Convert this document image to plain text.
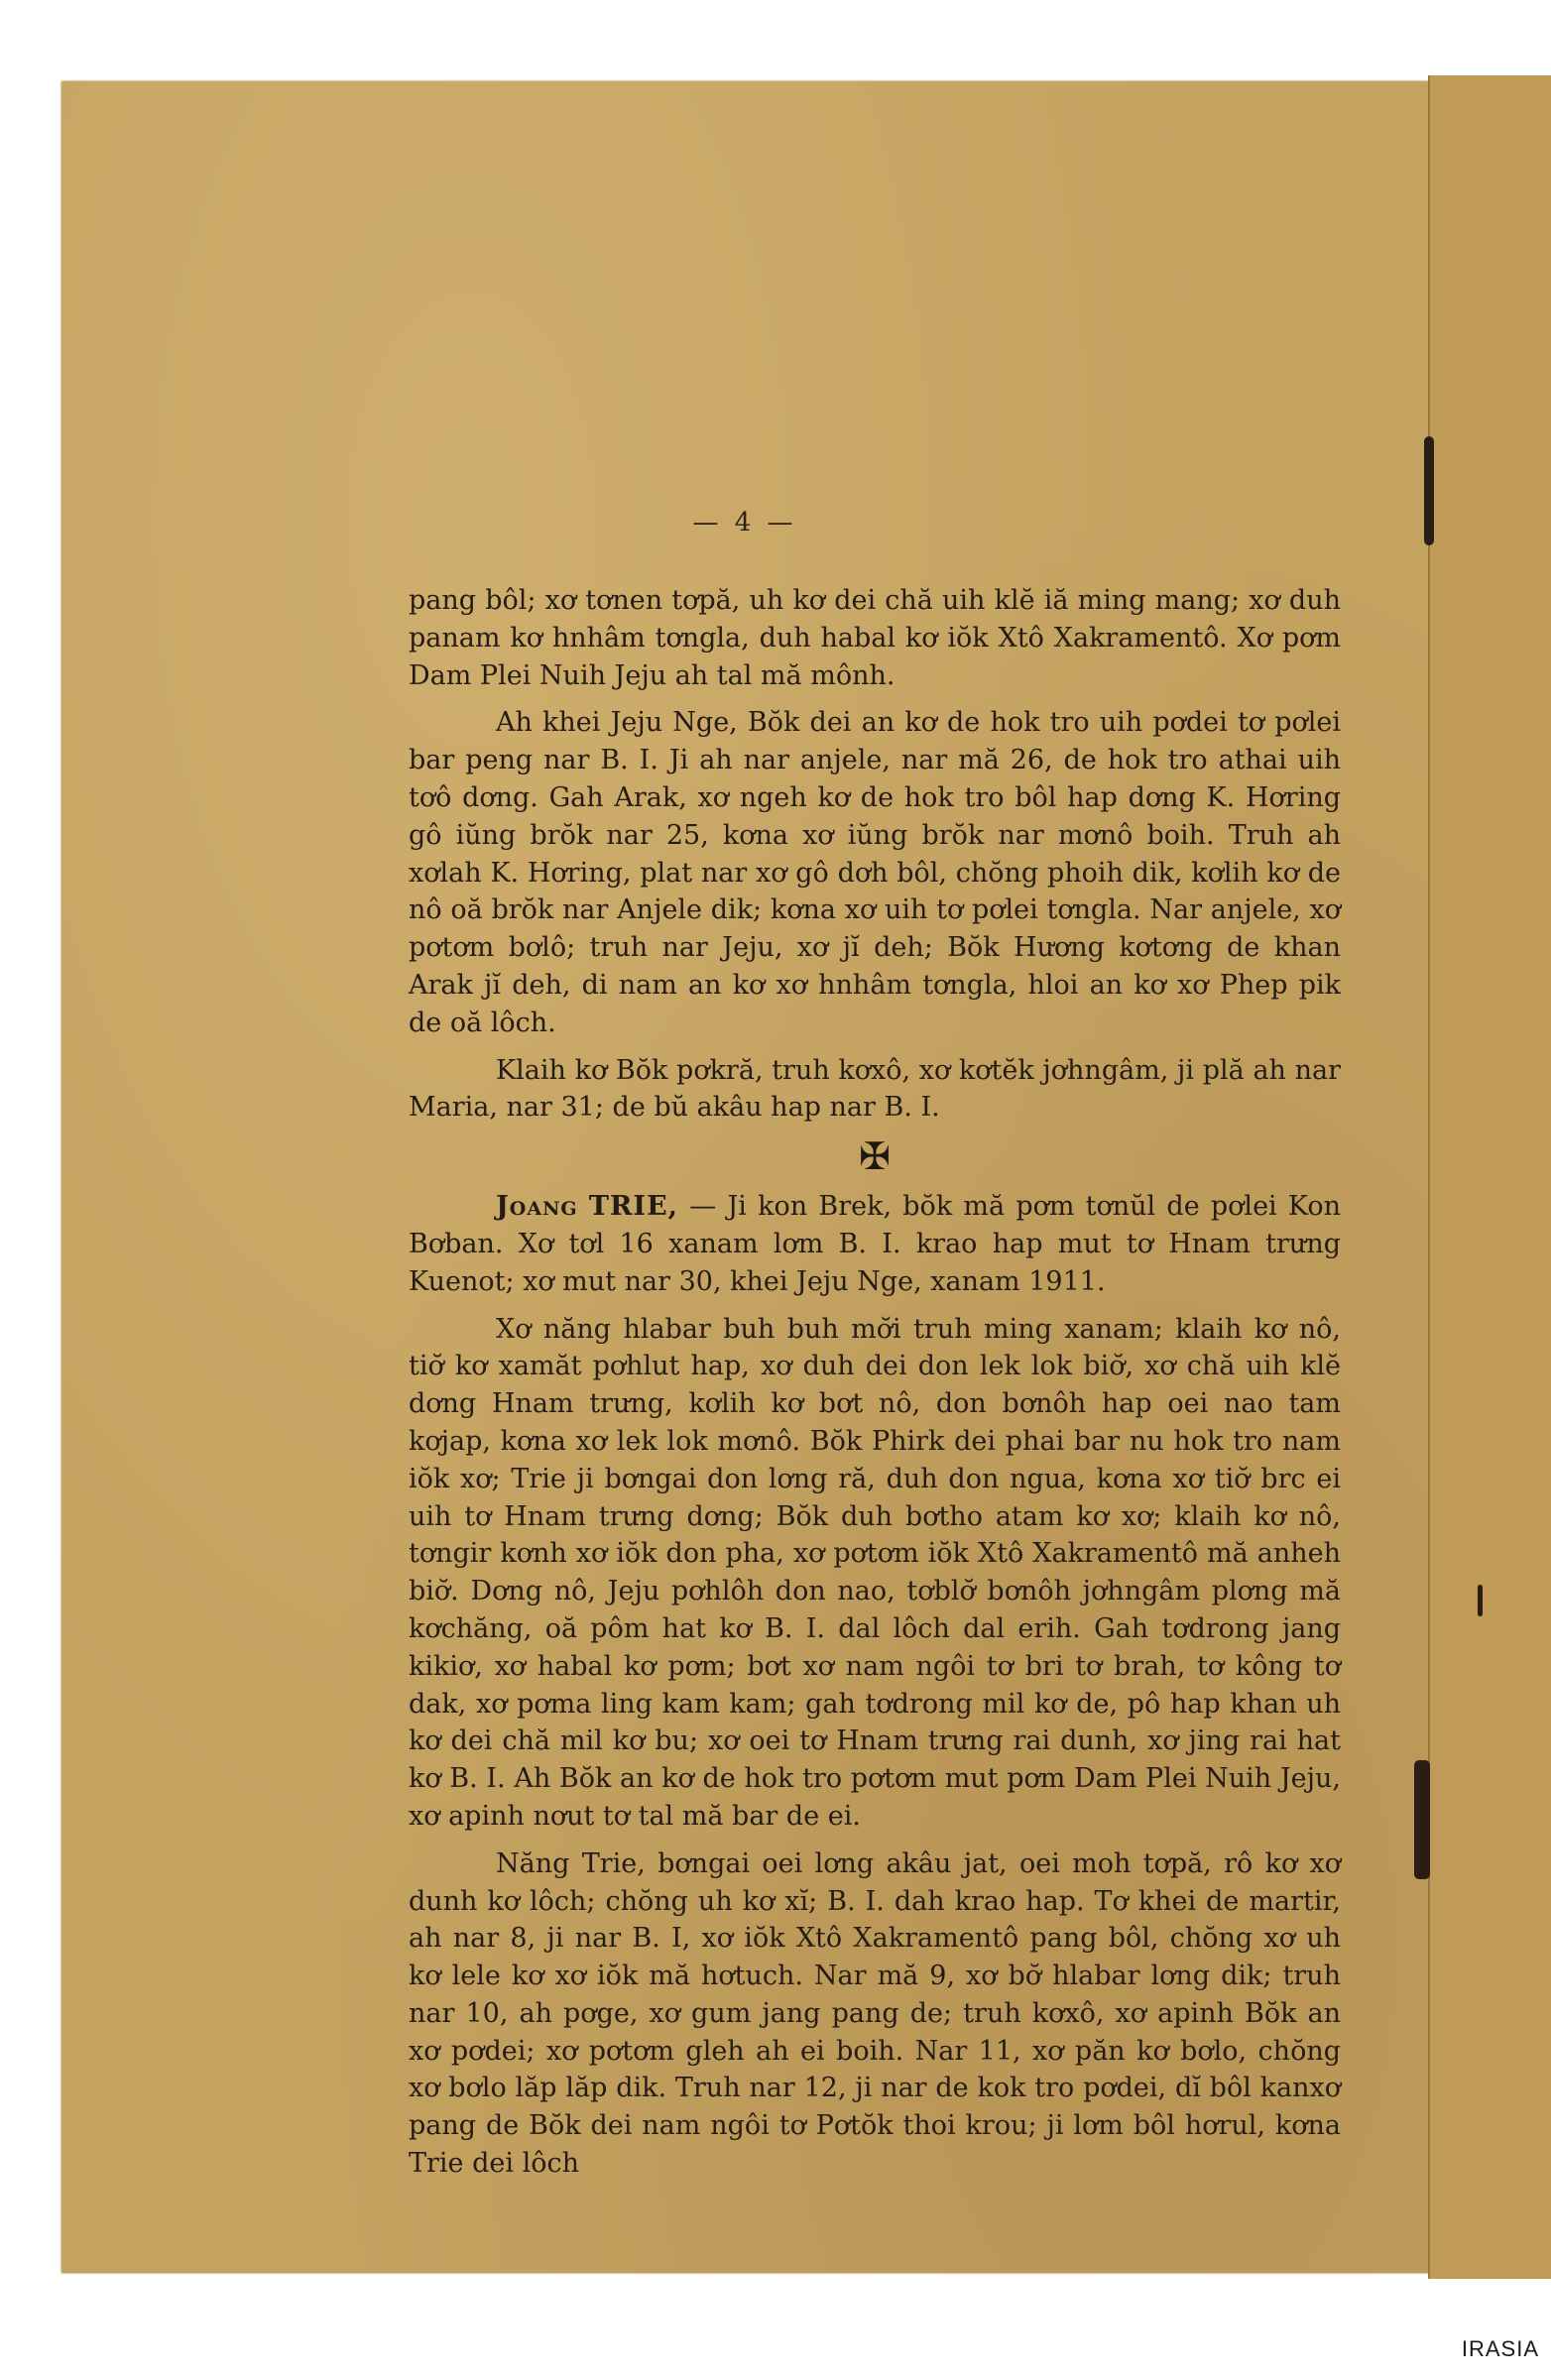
— 4 —

pang bôl; xơ tơnen tơpă, uh kơ dei chă uih klĕ iă ming mang; xơ duh panam kơ hnhâm tơngla, duh habal kơ iŏk Xtô Xakramentô. Xơ pơm Dam Plei Nuih Jeju ah tal mă mônh.

Ah khei Jeju Nge, Bŏk dei an kơ de hok tro uih pơdei tơ pơlei bar peng nar B. I. Ji ah nar anjele, nar mă 26, de hok tro athai uih tơô dơng. Gah Arak, xơ ngeh kơ de hok tro bôl hap dơng K. Hơring gô iŭng brŏk nar 25, kơna xơ iŭng brŏk nar mơnô boih. Truh ah xơlah K. Hơring, plat nar xơ gô dơh bôl, chŏng phoih dik, kơlih kơ de nô oă brŏk nar Anjele dik; kơna xơ uih tơ pơlei tơngla. Nar anjele, xơ pơtơm bơlô; truh nar Jeju, xơ jĭ deh; Bŏk Hương kơtơng de khan Arak jĭ deh, di nam an kơ xơ hnhâm tơngla, hloi an kơ xơ Phep pik de oă lôch.

Klaih kơ Bŏk pơkră, truh kơxô, xơ kơtĕk jơhngâm, ji plă ah nar Maria, nar 31; de bŭ akâu hap nar B. I.

✠

Joang TRIE, — Ji kon Brek, bŏk mă pơm tơnŭl de pơlei Kon Bơban. Xơ tơl 16 xanam lơm B. I. krao hap mut tơ Hnam trưng Kuenot; xơ mut nar 30, khei Jeju Nge, xanam 1911.

Xơ năng hlabar buh buh mơ̆i truh ming xanam; klaih kơ nô, tiơ̆ kơ xamăt pơhlut hap, xơ duh dei don lek lok biơ̆, xơ chă uih klĕ dơng Hnam trưng, kơlih kơ bơt nô, don bơnôh hap oei nao tam kơjap, kơna xơ lek lok mơnô. Bŏk Phirk dei phai bar nu hok tro nam iŏk xơ; Trie ji bơngai don lơng ră, duh don ngua, kơna xơ tiơ̆ brc ei uih tơ Hnam trưng dơng; Bŏk duh bơtho atam kơ xơ; klaih kơ nô, tơngir kơnh xơ iŏk don pha, xơ pơtơm iŏk Xtô Xakramentô mă anheh biơ̆. Dơng nô, Jeju pơhlôh don nao, tơblơ̆ bơnôh jơhngâm plơng mă kơchăng, oă pôm hat kơ B. I. dal lôch dal erih. Gah tơdrong jang kikiơ, xơ habal kơ pơm; bơt xơ nam ngôi tơ bri tơ brah, tơ kông tơ dak, xơ pơma ling kam kam; gah tơdrong mil kơ de, pô hap khan uh kơ dei chă mil kơ bu; xơ oei tơ Hnam trưng rai dunh, xơ jing rai hat kơ B. I. Ah Bŏk an kơ de hok tro pơtơm mut pơm Dam Plei Nuih Jeju, xơ apinh nơut tơ tal mă bar de ei.

Năng Trie, bơngai oei lơng akâu jat, oei moh tơpă, rô kơ xơ dunh kơ lôch; chŏng uh kơ xĭ; B. I. dah krao hap. Tơ khei de martir, ah nar 8, ji nar B. I, xơ iŏk Xtô Xakramentô pang bôl, chŏng xơ uh kơ lele kơ xơ iŏk mă hơtuch. Nar mă 9, xơ bơ̆ hlabar lơng dik; truh nar 10, ah pơge, xơ gum jang pang de; truh kơxô, xơ apinh Bŏk an xơ pơdei; xơ pơtơm gleh ah ei boih. Nar 11, xơ păn kơ bơlo, chŏng xơ bơlo lăp lăp dik. Truh nar 12, ji nar de kok tro pơdei, dĭ bôl kanxơ pang de Bŏk dei nam ngôi tơ Pơtŏk thoi krou; ji lơm bôl hơrul, kơna Trie dei lôch

IRASIA
